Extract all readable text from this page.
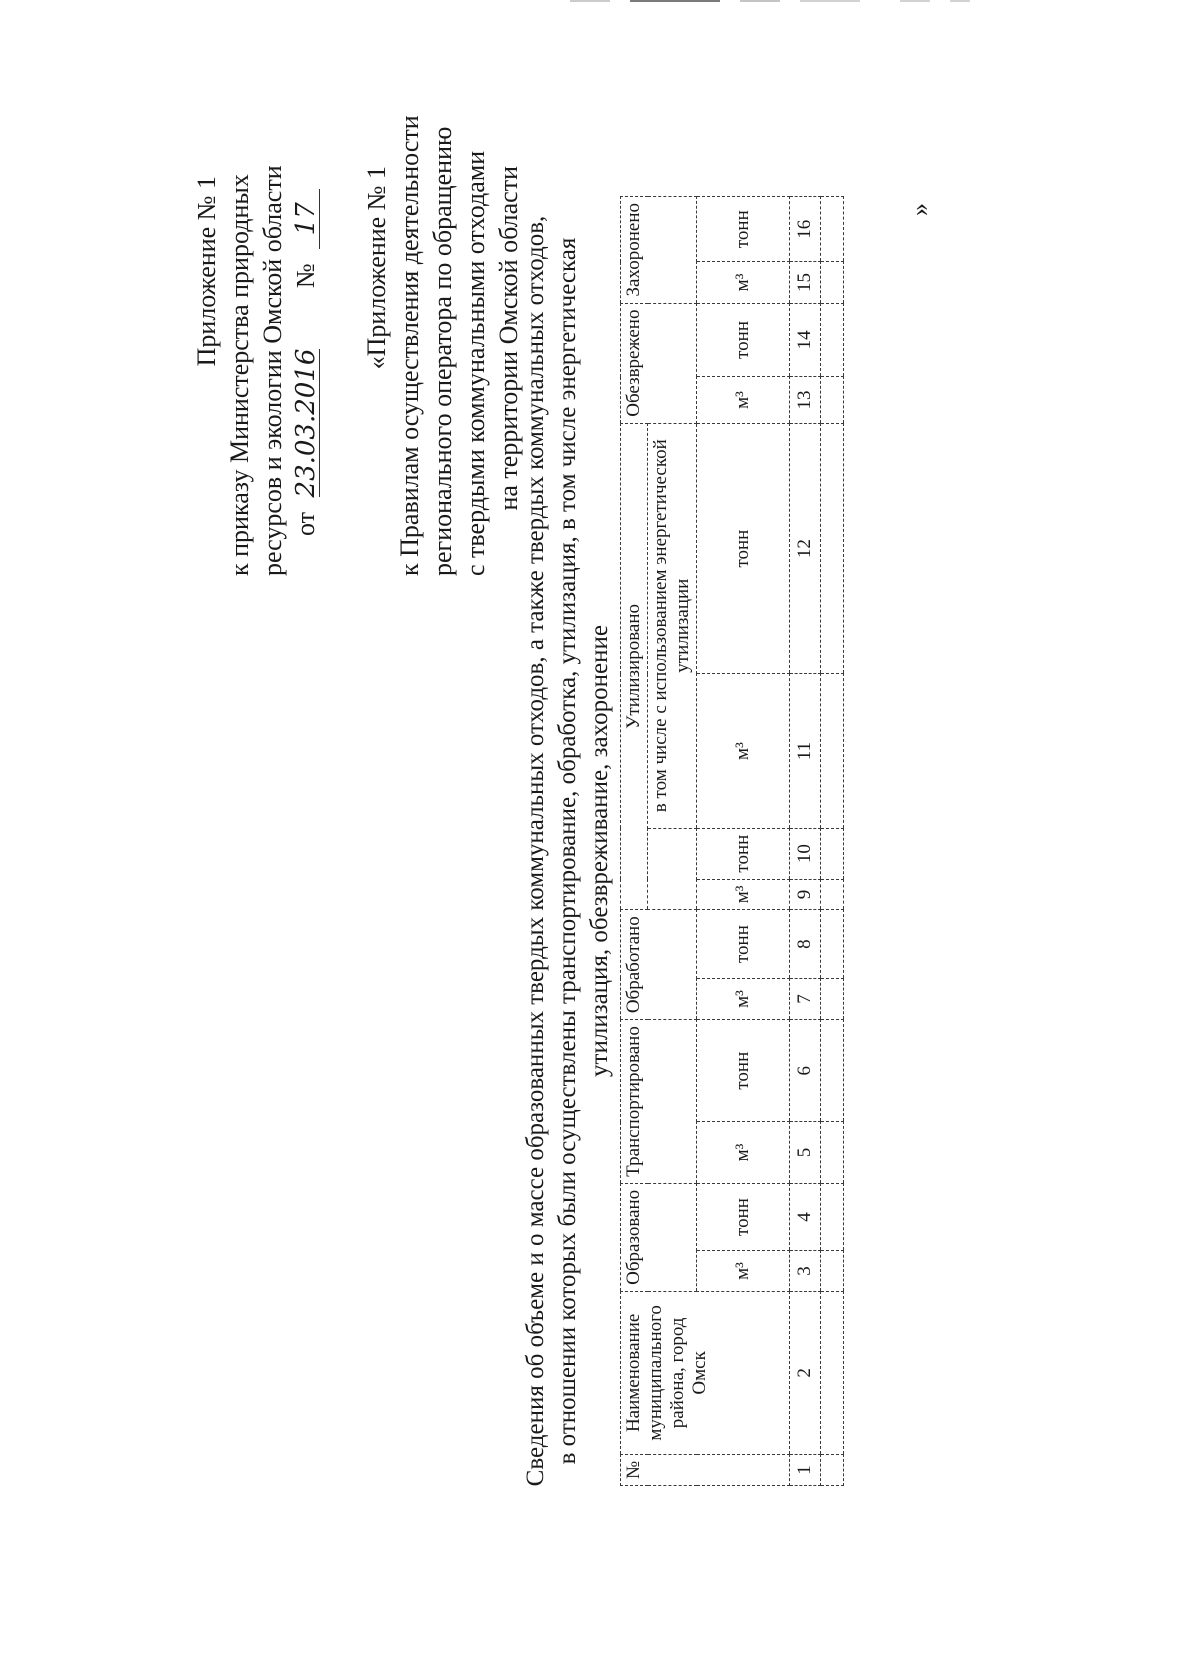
Приложение № 1 к приказу Министерства природных ресурсов и экологии Омской области от 23.03.2016 № 17 «Приложение № 1 к Правилам осуществления деятельности регионального оператора по обращению с твердыми коммунальными отходами на территории Омской области Сведения об объеме и о массе образованных твердых коммунальных отходов, а также твердых коммунальных отходов, в отношении которых были осуществлены транспортирование, обработка, утилизация, в том числе энергетическая утилизация, обезвреживание, захоронение
№	Наименование муниципального района, город Омск	Образовано		Транспортировано		Обработано		Утилизировано				Обезврежено		Захоронено	
										в том числе с использованием энергетической утилизации					
		м³	тонн	м³	тонн	м³	тонн	м³	тонн	м³	тонн	м³	тонн	м³	тонн
1	2	3	4	5	6	7	8	9	10	11	12	13	14	15	16

»
